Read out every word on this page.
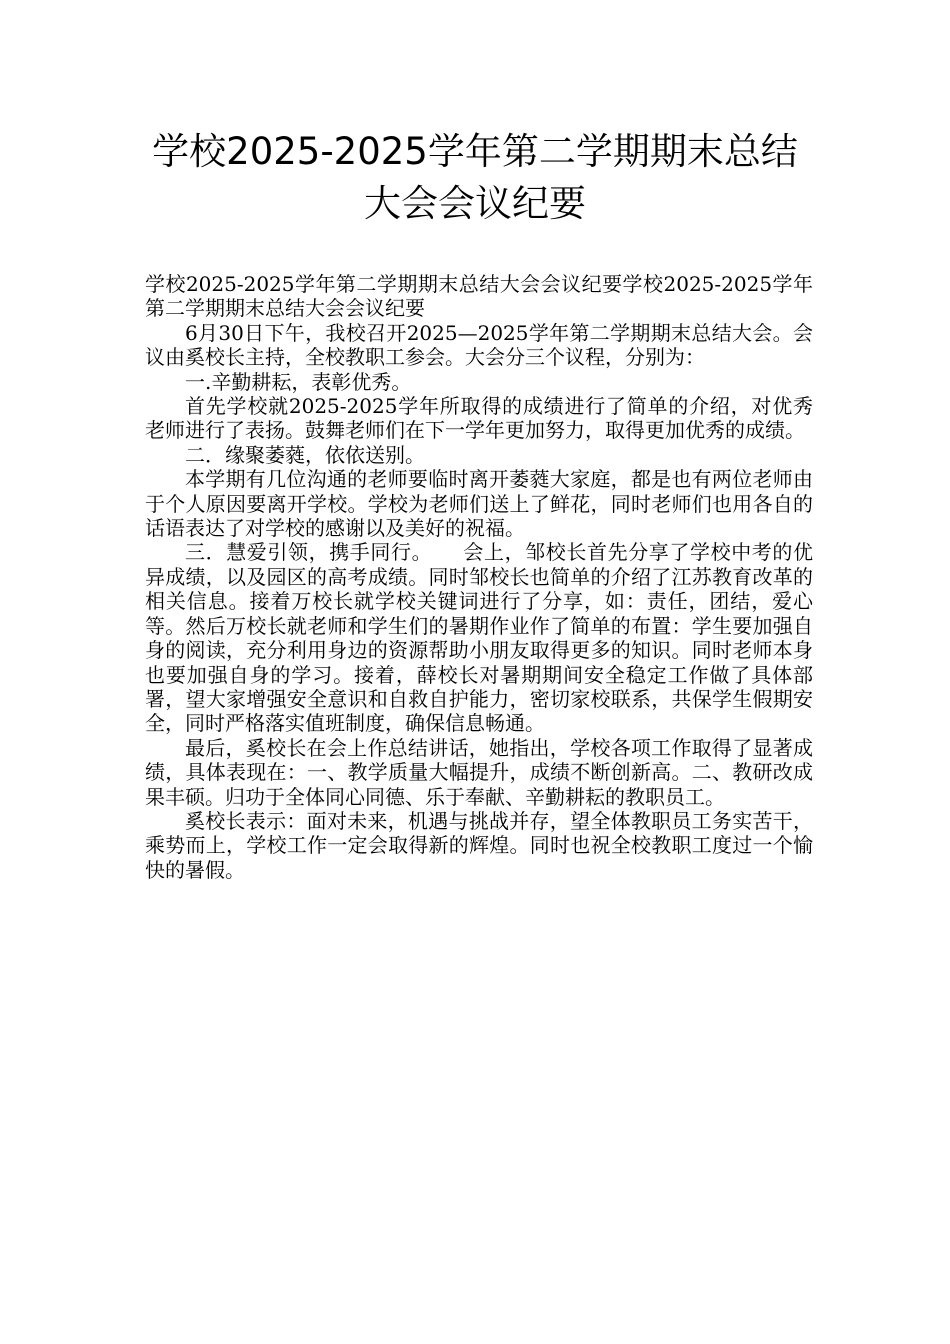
学校2025-2025学年第二学期期末总结
大会会议纪要

学校2025-2025学年第二学期期末总结大会会议纪要学校2025-2025学年第二学期期末总结大会会议纪要

6月30日下午，我校召开2025—2025学年第二学期期末总结大会。会议由奚校长主持，全校教职工参会。大会分三个议程，分别为：

一.辛勤耕耘，表彰优秀。

首先学校就2025-2025学年所取得的成绩进行了简单的介绍，对优秀老师进行了表扬。鼓舞老师们在下一学年更加努力，取得更加优秀的成绩。

二．缘聚萎蕤，依依送别。

本学期有几位沟通的老师要临时离开萎蕤大家庭，都是也有两位老师由于个人原因要离开学校。学校为老师们送上了鲜花，同时老师们也用各自的话语表达了对学校的感谢以及美好的祝福。

三．慧爱引领，携手同行。　　会上，邹校长首先分享了学校中考的优异成绩，以及园区的高考成绩。同时邹校长也简单的介绍了江苏教育改革的相关信息。接着万校长就学校关键词进行了分享，如：责任，团结，爱心等。然后万校长就老师和学生们的暑期作业作了简单的布置：学生要加强自身的阅读，充分利用身边的资源帮助小朋友取得更多的知识。同时老师本身也要加强自身的学习。接着，薛校长对暑期期间安全稳定工作做了具体部署，望大家增强安全意识和自救自护能力，密切家校联系，共保学生假期安全，同时严格落实值班制度，确保信息畅通。

最后，奚校长在会上作总结讲话，她指出，学校各项工作取得了显著成绩，具体表现在：一、教学质量大幅提升，成绩不断创新高。二、教研改成果丰硕。归功于全体同心同德、乐于奉献、辛勤耕耘的教职员工。

奚校长表示：面对未来，机遇与挑战并存，望全体教职员工务实苦干，乘势而上，学校工作一定会取得新的辉煌。同时也祝全校教职工度过一个愉快的暑假。
